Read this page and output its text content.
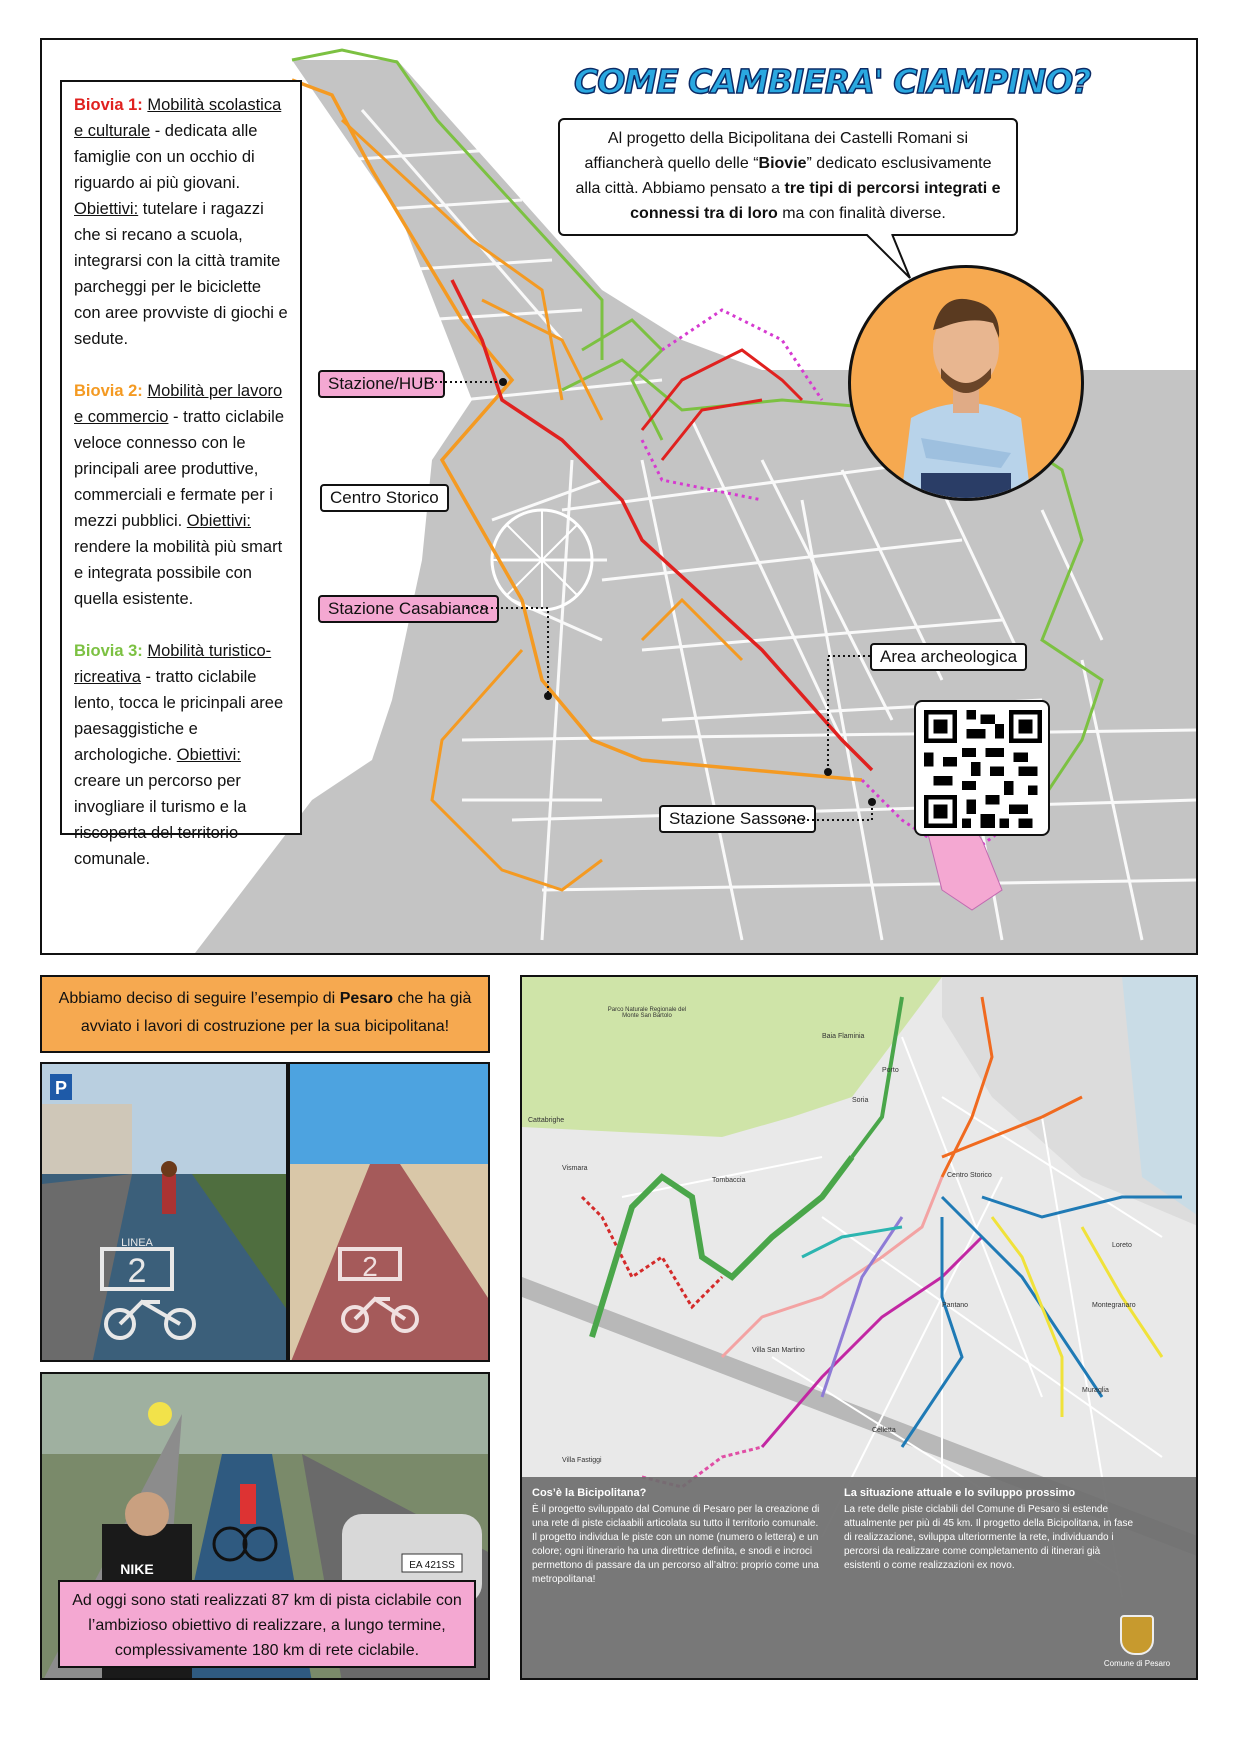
Biovia 1: Mobilità scolastica e culturale - dedicata alle famiglie con un occhio di riguardo ai più giovani. Obiettivi: tutelare i ragazzi che si recano a scuola, integrarsi con la città tramite parcheggi per le biciclette con aree provviste di giochi e sedute.

Biovia 2: Mobilità per lavoro e commercio - tratto ciclabile veloce connesso con le principali aree produttive, commerciali e fermate per i mezzi pubblici. Obiettivi: rendere la mobilità più smart e integrata possibile con quella esistente.

Biovia 3: Mobilità turistico-ricreativa - tratto ciclabile lento, tocca le pricinpali aree paesaggistiche e archologiche. Obiettivi: creare un percorso per invogliare il turismo e la riscoperta del territorio comunale.

COME CAMBIERA' CIAMPINO?
Al progetto della Bicipolitana dei Castelli Romani si affiancherà quello delle “Biovie” dedicato esclusivamente alla città. Abbiamo pensato a tre tipi di percorsi integrati e connessi tra di loro ma con finalità diverse.
Stazione/HUB
Centro Storico
Stazione Casabianca
Area archeologica
Stazione Sassone
Abbiamo deciso di seguire l’esempio di Pesaro che ha già avviato i lavori di costruzione per la sua bicipolitana!
P
2
LINEA
2
EA 421SS
NIKE
Ad oggi sono stati realizzati 87 km di pista ciclabile con l’ambizioso obiettivo di realizzare, a lungo termine, complessivamente 180 km di rete ciclabile.
Baia Flaminia
Porto
Soria
Cattabrighe
Vismara
Tombaccia
Centro Storico
Loreto
Montegranaro
Pantano
Villa San Martino
Muraglia
Celletta
Villa Fastiggi
Parco Naturale Regionale del Monte San Bartolo
Cos’è la Bicipolitana?
È il progetto sviluppato dal Comune di Pesaro per la creazione di una rete di piste ciclaabili articolata su tutto il territorio comunale. Il progetto individua le piste con un nome (numero o lettera) e un colore; ogni itinerario ha una direttrice definita, e snodi e incroci permettono di passare da un percorso all’altro: proprio come una metropolitana!
La situazione attuale e lo sviluppo prossimo
La rete delle piste ciclabili del Comune di Pesaro si estende attualmente per più di 45 km. Il progetto della Bicipolitana, in fase di realizzazione, sviluppa ulteriormente la rete, individuando i percorsi da realizzare come completamento di itinerari già esistenti o come realizzazioni ex novo.
Comune di Pesaro
